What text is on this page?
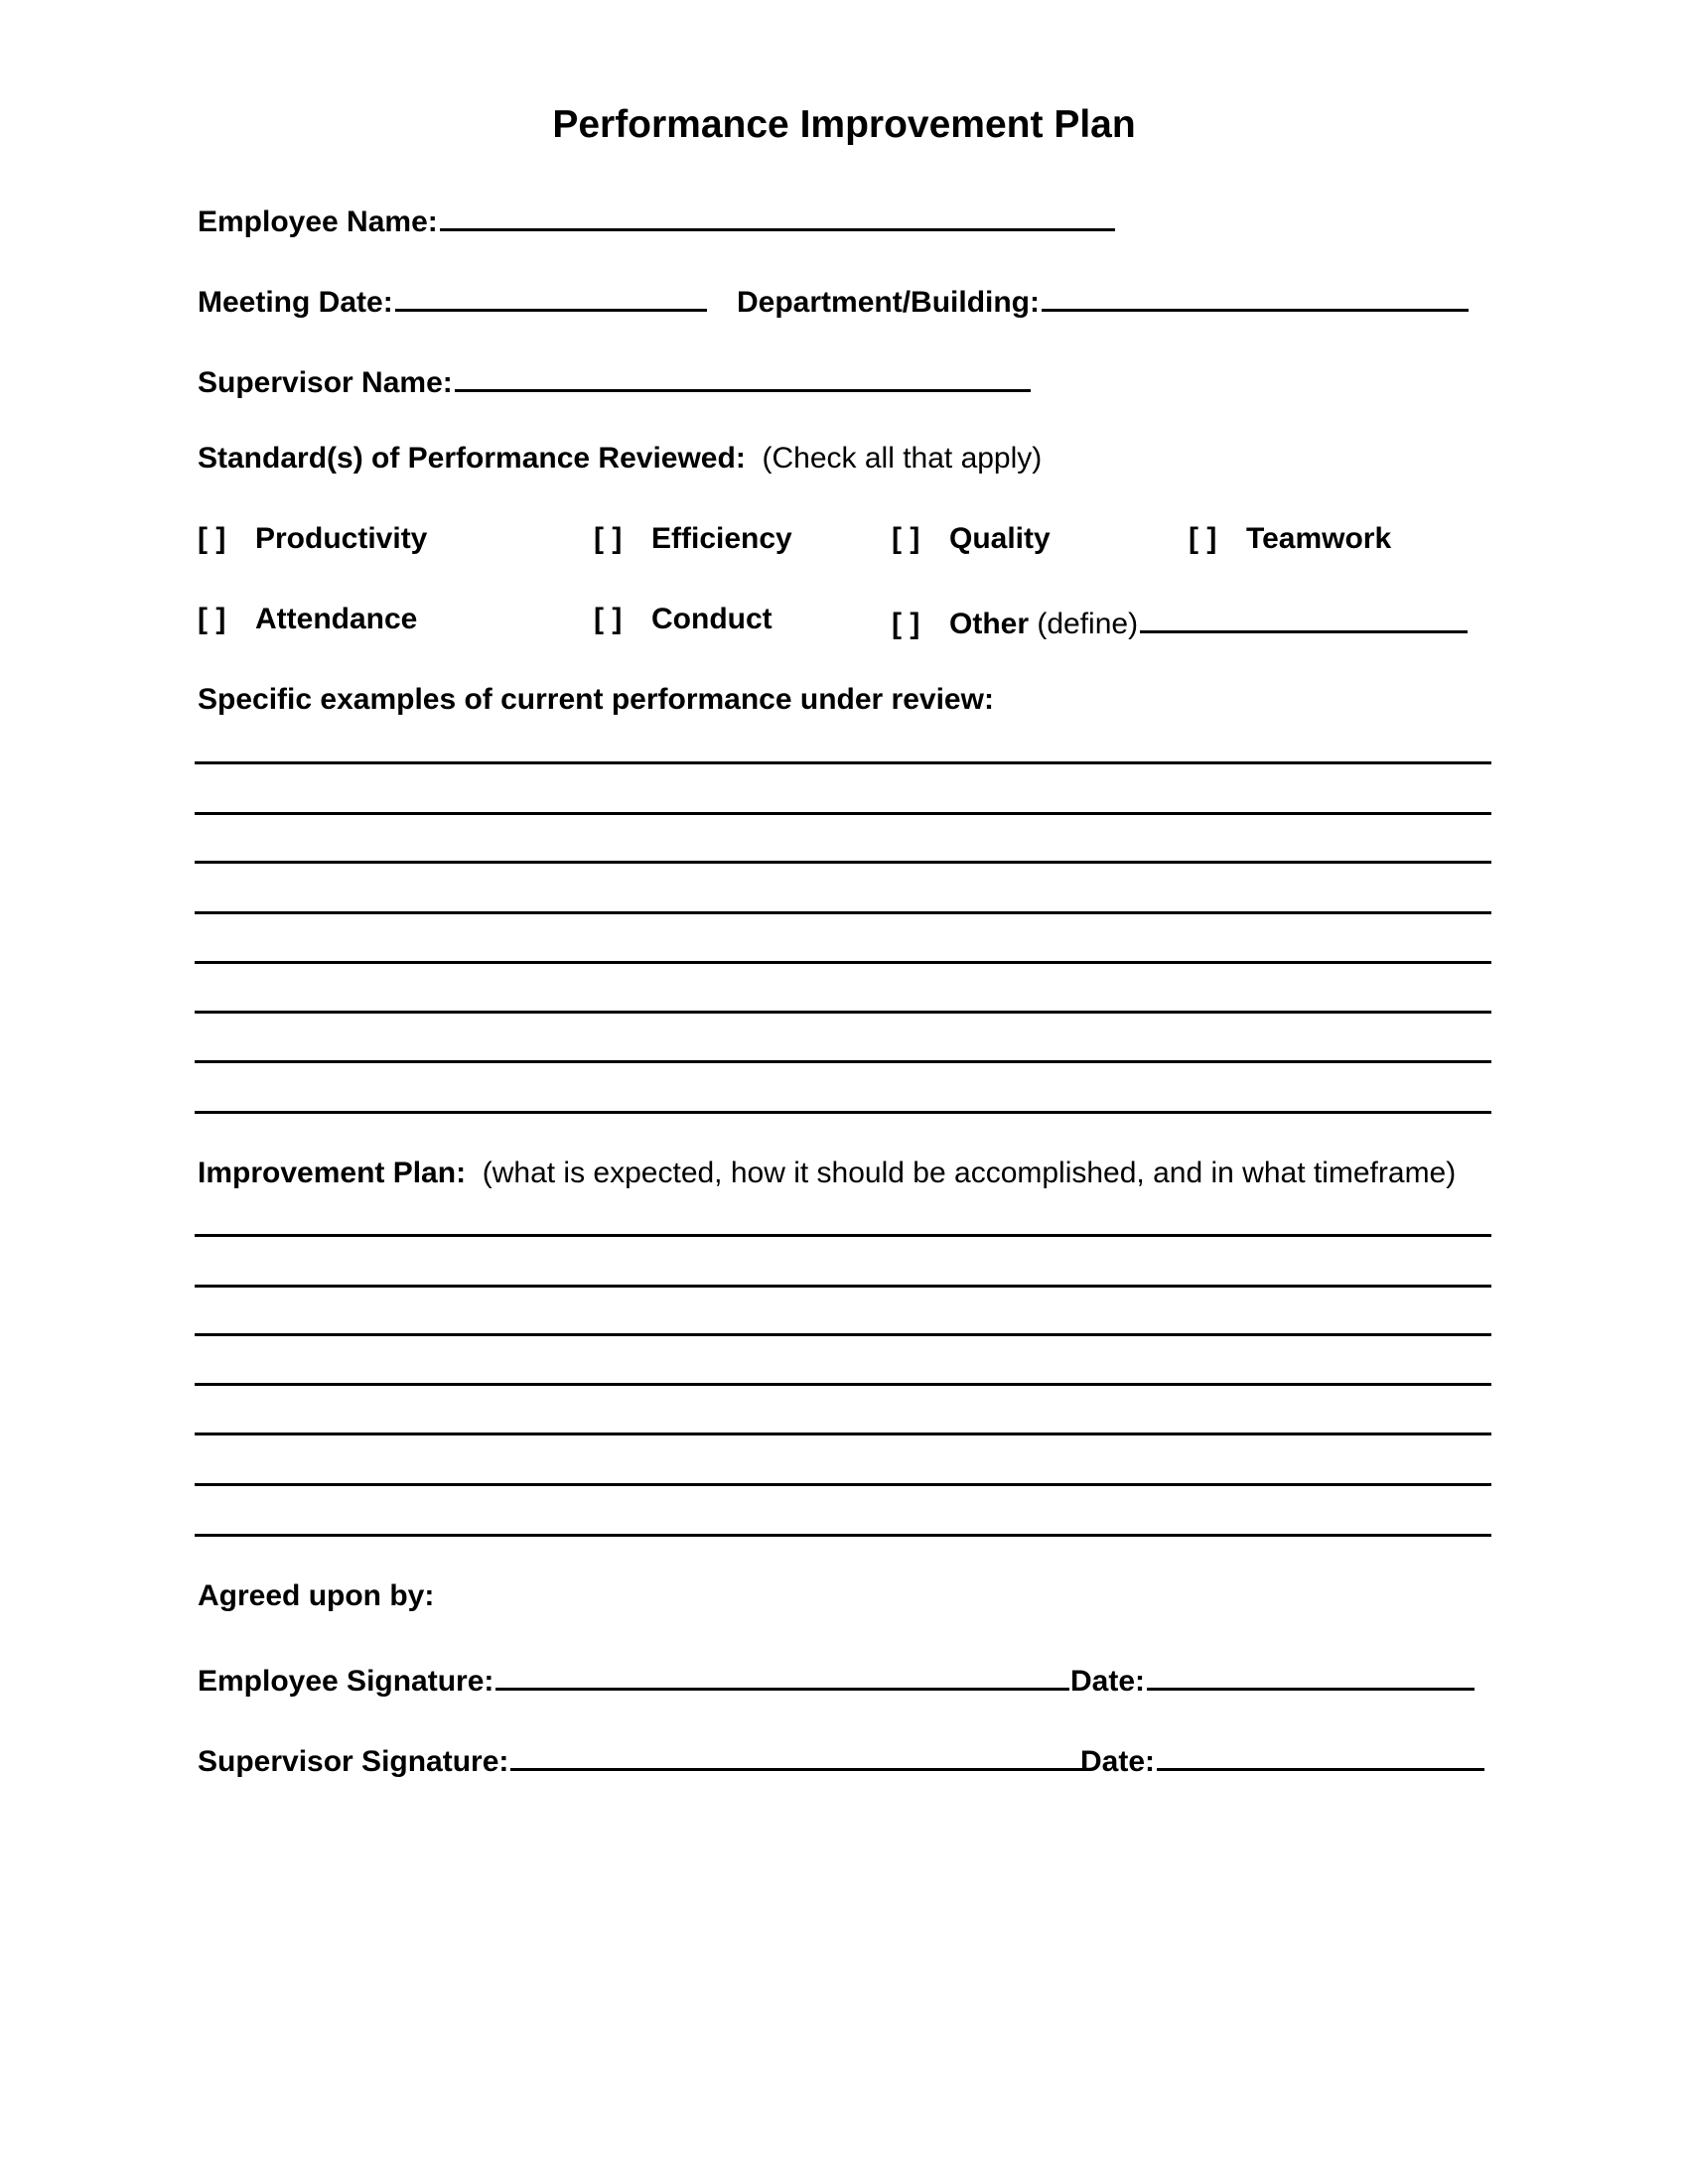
Performance Improvement Plan
Employee Name:
Meeting Date:	Department/Building:
Supervisor Name:
Standard(s) of Performance Reviewed: (Check all that apply)
[ ] Productivity	[ ] Efficiency	[ ] Quality	[ ] Teamwork
[ ] Attendance	[ ] Conduct	[ ] Other (define)
Specific examples of current performance under review:
Improvement Plan: (what is expected, how it should be accomplished, and in what timeframe)
Agreed upon by:
Employee Signature:	Date:
Supervisor Signature:	Date:
